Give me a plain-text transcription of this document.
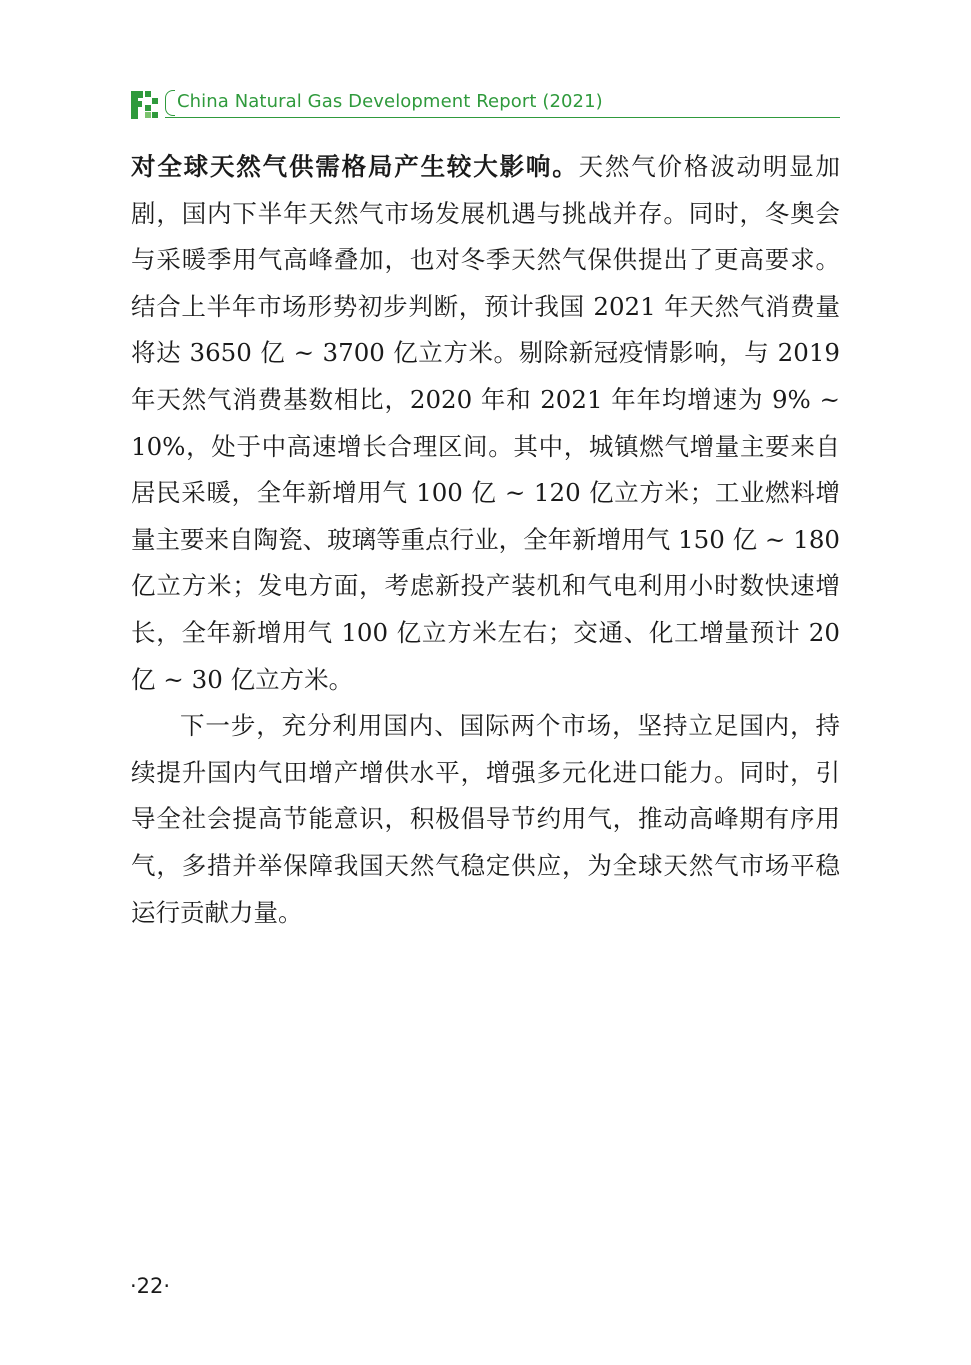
China Natural Gas Development Report (2021)

对全球天然气供需格局产生较大影响。天然气价格波动明显加剧，国内下半年天然气市场发展机遇与挑战并存。同时，冬奥会与采暖季用气高峰叠加，也对冬季天然气保供提出了更高要求。结合上半年市场形势初步判断，预计我国 2021 年天然气消费量将达 3650 亿 ~ 3700 亿立方米。剔除新冠疫情影响，与 2019 年天然气消费基数相比，2020 年和 2021 年年均增速为 9% ~ 10%，处于中高速增长合理区间。其中，城镇燃气增量主要来自居民采暖，全年新增用气 100 亿 ~ 120 亿立方米；工业燃料增量主要来自陶瓷、玻璃等重点行业，全年新增用气 150 亿 ~ 180 亿立方米；发电方面，考虑新投产装机和气电利用小时数快速增长，全年新增用气 100 亿立方米左右；交通、化工增量预计 20 亿 ~ 30 亿立方米。

下一步，充分利用国内、国际两个市场，坚持立足国内，持续提升国内气田增产增供水平，增强多元化进口能力。同时，引导全社会提高节能意识，积极倡导节约用气，推动高峰期有序用气，多措并举保障我国天然气稳定供应，为全球天然气市场平稳运行贡献力量。

·22·
